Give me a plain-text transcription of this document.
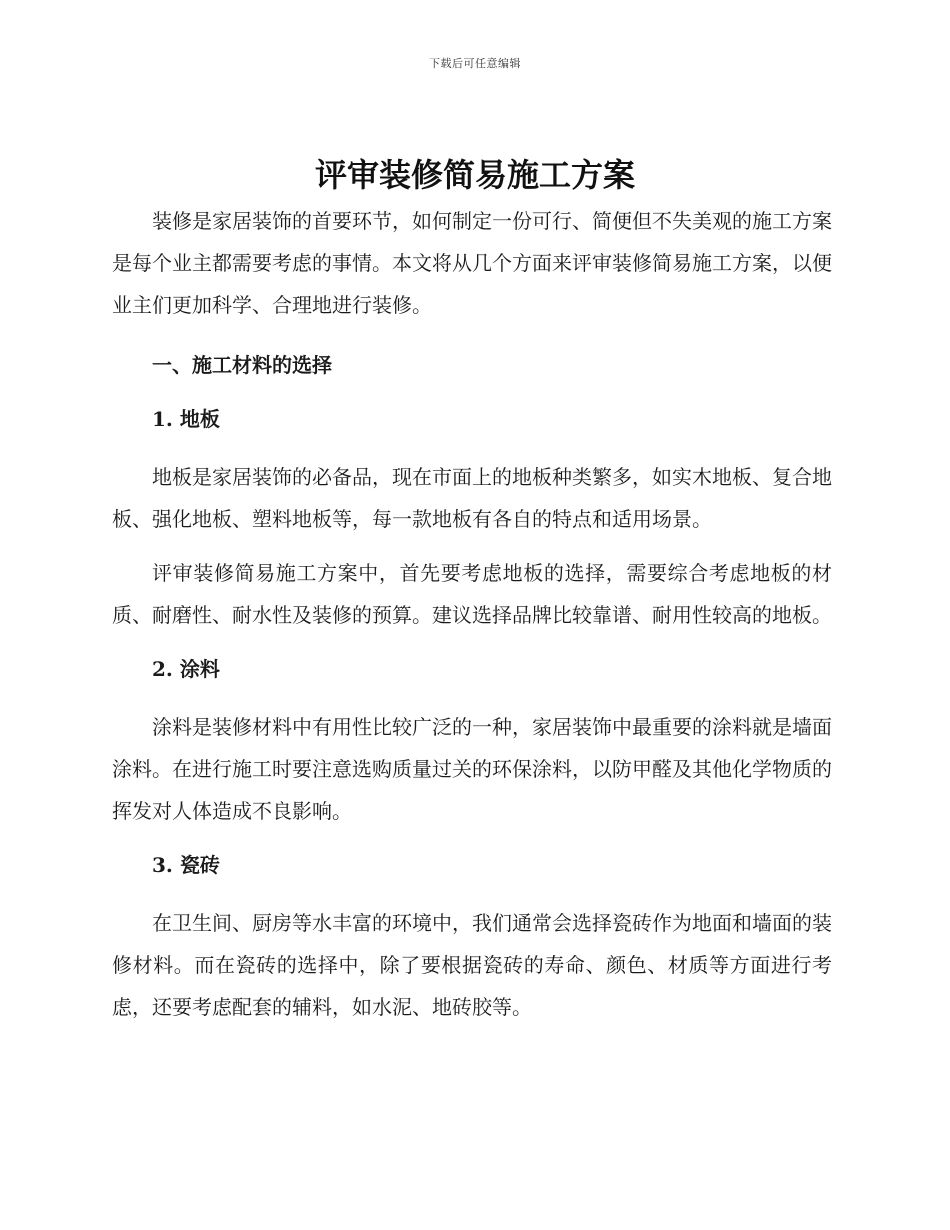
下载后可任意编辑
评审装修简易施工方案

装修是家居装饰的首要环节，如何制定一份可行、简便但不失美观的施工方案是每个业主都需要考虑的事情。本文将从几个方面来评审装修简易施工方案，以便业主们更加科学、合理地进行装修。

一、施工材料的选择

1. 地板

地板是家居装饰的必备品，现在市面上的地板种类繁多，如实木地板、复合地板、强化地板、塑料地板等，每一款地板有各自的特点和适用场景。

评审装修简易施工方案中，首先要考虑地板的选择，需要综合考虑地板的材质、耐磨性、耐水性及装修的预算。建议选择品牌比较靠谱、耐用性较高的地板。

2. 涂料

涂料是装修材料中有用性比较广泛的一种，家居装饰中最重要的涂料就是墙面涂料。在进行施工时要注意选购质量过关的环保涂料，以防甲醛及其他化学物质的挥发对人体造成不良影响。

3. 瓷砖

在卫生间、厨房等水丰富的环境中，我们通常会选择瓷砖作为地面和墙面的装修材料。而在瓷砖的选择中，除了要根据瓷砖的寿命、颜色、材质等方面进行考虑，还要考虑配套的辅料，如水泥、地砖胶等。
